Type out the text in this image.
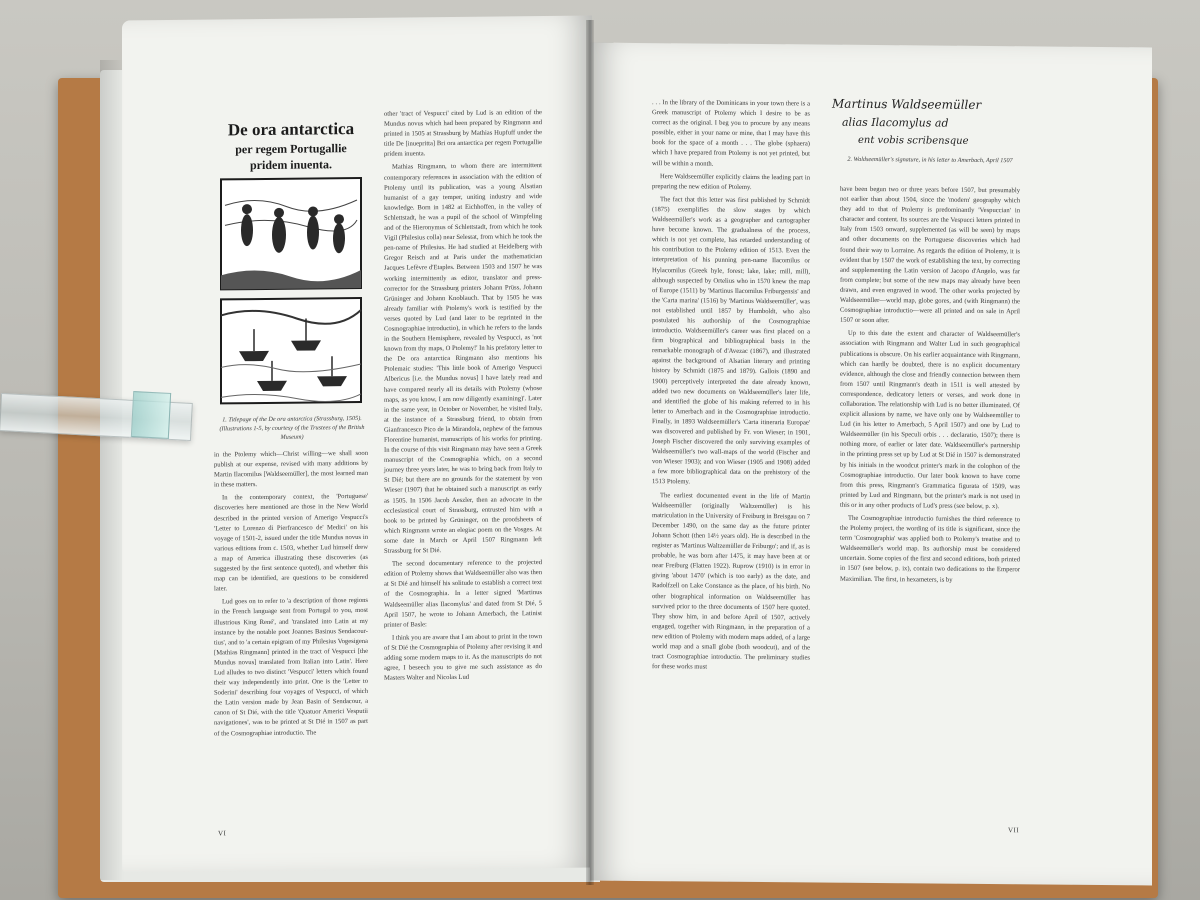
De ora antarctica
per regem Portugallie
pridem inuenta.
1. Titlepage of the De ora antarctica (Strassburg, 1505). (Illustrations 1-5, by courtesy of the Trustees of the British Museum)

in the Ptolemy which—Christ willing—we shall soon publish at our expense, revised with many additions by Martin Ilacomilus [Waldseemüller], the most learned man in these matters.

In the contemporary context, the 'Portuguese' discoveries here mentioned are those in the New World described in the printed version of Amerigo Vespucci's 'Letter to Lorenzo di Pierfrancesco de' Medici' on his voyage of 1501-2, issued under the title Mundus novus in various editions from c. 1503, whether Lud himself drew a map of America illustrating these discoveries (as suggested by the first sentence quoted), and whether this map can be identified, are questions to be considered later.

Lud goes on to refer to 'a description of those regions in the French language sent from Portugal to you, most illustrious King René', and 'translated into Latin at my instance by the notable poet Joannes Basinus Sendacour-tius', and to 'a certain epigram of my Philesius Vogesigena [Mathias Ringmann] printed in the tract of Vespucci [the Mundus novus] translated from Italian into Latin'. Here Lud alludes to two distinct 'Vespucci' letters which found their way independently into print. One is the 'Letter to Soderini' describing four voyages of Vespucci, of which the Latin version made by Jean Basin of Sendacour, a canon of St Dié, with the title 'Quatuor Americi Vesputii navigationes', was to be printed at St Dié in 1507 as part of the Cosmographiae introductio. The

other 'tract of Vespucci' cited by Lud is an edition of the Mundus novus which had been prepared by Ringmann and printed in 1505 at Strassburg by Mathias Hupfuff under the title De [inuepritta] Bri ora antarctica per regem Portugallie pridem inuenta.

Mathias Ringmann, to whom there are intermittent contemporary references in association with the edition of Ptolemy until its publication, was a young Alsatian humanist of a gay temper, uniting industry and wide knowledge. Born in 1482 at Eichhoffen, in the valley of Schlettstadt, he was a pupil of the school of Wimpfeling and of the Hieronymus of Schlettstadt, from which he took Vigil (Philesius colla) near Selestat, from which he took the pen-name of Philesius. He had studied at Heidelberg with Gregor Reisch and at Paris under the mathematician Jacques Lefèvre d'Etaples. Between 1503 and 1507 he was working intermittently as editor, translator and press-corrector for the Strassburg printers Johann Prüss, Johann Grüninger and Johann Knoblauch. That by 1505 he was already familiar with Ptolemy's work is testified by the verses quoted by Lud (and later to be reprinted in the Cosmographiae introductio), in which he refers to the lands in the Southern Hemisphere, revealed by Vespucci, as 'not known from thy maps, O Ptolemy!' In his prefatory letter to the De ora antarctica Ringmann also mentions his Ptolemaic studies: 'This little book of Amerigo Vespucci Albericus [i.e. the Mundus novus] I have lately read and have compared nearly all its details with Ptolemy (whose maps, as you know, I am now diligently examining)'. Later in the same year, in October or November, he visited Italy, at the instance of a Strassburg friend, to obtain from Gianfrancesco Pico de la Mirandola, nephew of the famous Florentine humanist, manuscripts of his works for printing. In the course of this visit Ringmann may have seen a Greek manuscript of the Cosmographia which, on a second journey three years later, he was to bring back from Italy to St Dié; but there are no grounds for the statement by von Wieser (1907) that he obtained such a manuscript as early as 1505. In 1506 Jacob Aeszler, then an advocate in the ecclesiastical court of Strassburg, entrusted him with a book to be printed by Grüninger, on the proofsheets of which Ringmann wrote an elegiac poem on the Vosges. At some date in March or April 1507 Ringmann left Strassburg for St Dié.

The second documentary reference to the projected edition of Ptolemy shows that Waldseemüller also was then at St Dié and himself his solitude to establish a correct text of the Cosmographia. In a letter signed 'Martinus Waldseemüller alias Ilacomylus' and dated from St Dié, 5 April 1507, he wrote to Johann Amerbach, the Latinist printer of Basle:

I think you are aware that I am about to print in the town of St Dié the Cosmographia of Ptolemy after revising it and adding some modern maps to it. As the manuscripts do not agree, I beseech you to give me such assistance as do Masters Walter and Nicolas Lud

VI
Martinus Waldseemüller
alias Ilacomylus ad
ent vobis scribensque
2. Waldseemüller's signature, in his letter to Amerbach, April 1507

. . . In the library of the Dominicans in your town there is a Greek manuscript of Ptolemy which I desire to be as correct as the original. I beg you to procure by any means possible, either in your name or mine, that I may have this book for the space of a month . . . The globe (sphaera) which I have prepared from Ptolemy is not yet printed, but will be within a month.

Here Waldseemüller explicitly claims the leading part in preparing the new edition of Ptolemy.

The fact that this letter was first published by Schmidt (1875) exemplifies the slow stages by which Waldseemüller's work as a geographer and cartographer have become known. The gradualness of the process, which is not yet complete, has retarded understanding of his contribution to the Ptolemy edition of 1513. Even the interpretation of his punning pen-name Ilacomilus or Hylacomilus (Greek hyle, forest; lake, lake; mill, mill), although suspected by Ortelius who in 1570 knew the map of Europe (1511) by 'Martinus Ilacomilus Friburgensis' and the 'Carta marina' (1516) by 'Martinus Waldseemüller', was not established until 1857 by Humboldt, who also postulated his authorship of the Cosmographiae introductio. Waldseemüller's career was first placed on a firm biographical and bibliographical basis in the remarkable monograph of d'Avezac (1867), and illustrated against the background of Alsatian literary and printing history by Schmidt (1875 and 1879). Gallois (1890 and 1900) perceptively interpreted the date already known, added two new documents on Waldseemüller's later life, and identified the globe of his making referred to in his letter to Amerbach and in the Cosmographiae introductio. Finally, in 1893 Waldseemüller's 'Carta itineraria Europae' was discovered and published by Fr. von Wieser; in 1901, Joseph Fischer discovered the only surviving examples of Waldseemüller's two wall-maps of the world (Fischer and von Wieser 1903); and von Wieser (1905 and 1908) added a few more bibliographical data on the prehistory of the 1513 Ptolemy.

The earliest documented event in the life of Martin Waldseemüller (originally Waltzemüller) is his matriculation in the University of Freiburg in Breisgau on 7 December 1490, on the same day as the future printer Johann Schott (then 14½ years old). He is described in the register as 'Martinus Waltzemüller de Friburgo'; and if, as is probable, he was born after 1475, it may have been at or near Freiburg (Flatten 1922). Ruprow (1910) is in error in giving 'about 1470' (which is too early) as the date, and Radolfzell on Lake Constance as the place, of his birth. No other biographical information on Waldseemüller has survived prior to the three documents of 1507 here quoted. They show him, in and before April of 1507, actively engaged, together with Ringmann, in the preparation of a new edition of Ptolemy with modern maps added, of a large world map and a small globe (both woodcut), and of the tract Cosmographiae introductio. The preliminary studies for these works must

have been begun two or three years before 1507, but presumably not earlier than about 1504, since the 'modern' geography which they add to that of Ptolemy is predominantly 'Vespuccian' in character and content. Its sources are the Vespucci letters printed in Italy from 1503 onward, supplemented (as will be seen) by maps and other documents on the Portuguese discoveries which had found their way to Lorraine. As regards the edition of Ptolemy, it is evident that by 1507 the work of establishing the text, by correcting and supplementing the Latin version of Jacopo d'Angelo, was far from complete; but some of the new maps may already have been drawn, and even engraved in wood. The other works projected by Waldseemüller—world map, globe gores, and (with Ringmann) the Cosmographiae introductio—were all printed and on sale in April 1507 or soon after.

Up to this date the extent and character of Waldseemüller's association with Ringmann and Walter Lud in such geographical publications is obscure. On his earlier acquaintance with Ringmann, which can hardly be doubted, there is no explicit documentary evidence, although the close and friendly connection between them from 1507 until Ringmann's death in 1511 is well attested by correspondence, dedicatory letters or verses, and work done in collaboration. The relationship with Lud is no better illuminated. Of explicit allusions by name, we have only one by Waldseemüller to Lud (in his letter to Amerbach, 5 April 1507) and one by Lud to Waldseemüller (in his Speculi orbis . . . declaratio, 1507); there is nothing more, of earlier or later date. Waldseemüller's partnership in the printing press set up by Lud at St Dié in 1507 is demonstrated by his initials in the woodcut printer's mark in the colophon of the Cosmographiae introductio. Our later book known to have come from this press, Ringmann's Grammatica figurata of 1509, was printed by Lud and Ringmann, but the printer's mark is not used in this or in any other products of Lud's press (see below, p. x).

The Cosmographiae introductio furnishes the third reference to the Ptolemy project, the wording of its title is significant, since the term 'Cosmographia' was applied both to Ptolemy's treatise and to Waldseemüller's world map. Its authorship must be considered uncertain. Some copies of the first and second editions, both printed in 1507 (see below, p. ix), contain two dedications to the Emperor Maximilian. The first, in hexameters, is by

VII
